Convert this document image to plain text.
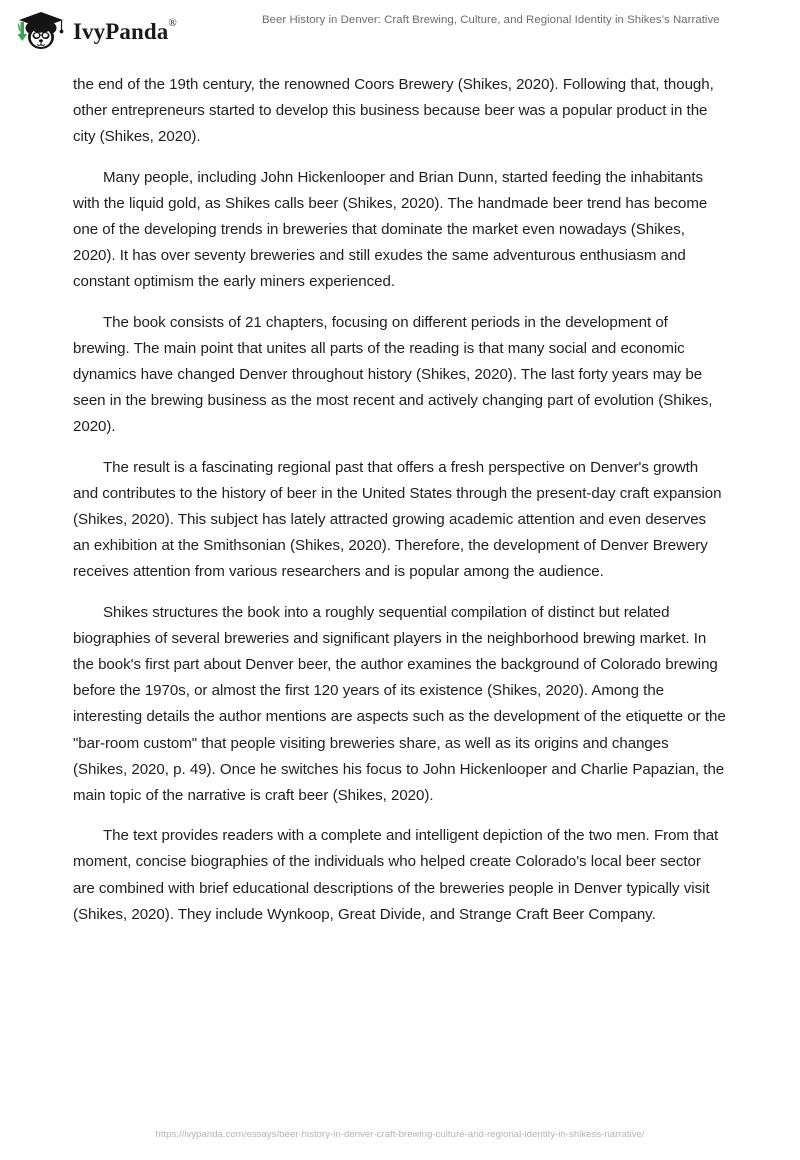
IvyPanda®	Beer History in Denver: Craft Brewing, Culture, and Regional Identity in Shikes’s Narrative

the end of the 19th century, the renowned Coors Brewery (Shikes, 2020). Following that, though, other entrepreneurs started to develop this business because beer was a popular product in the city (Shikes, 2020).

Many people, including John Hickenlooper and Brian Dunn, started feeding the inhabitants with the liquid gold, as Shikes calls beer (Shikes, 2020). The handmade beer trend has become one of the developing trends in breweries that dominate the market even nowadays (Shikes, 2020). It has over seventy breweries and still exudes the same adventurous enthusiasm and constant optimism the early miners experienced.

The book consists of 21 chapters, focusing on different periods in the development of brewing. The main point that unites all parts of the reading is that many social and economic dynamics have changed Denver throughout history (Shikes, 2020). The last forty years may be seen in the brewing business as the most recent and actively changing part of evolution (Shikes, 2020).

The result is a fascinating regional past that offers a fresh perspective on Denver's growth and contributes to the history of beer in the United States through the present-day craft expansion (Shikes, 2020). This subject has lately attracted growing academic attention and even deserves an exhibition at the Smithsonian (Shikes, 2020). Therefore, the development of Denver Brewery receives attention from various researchers and is popular among the audience.

Shikes structures the book into a roughly sequential compilation of distinct but related biographies of several breweries and significant players in the neighborhood brewing market. In the book's first part about Denver beer, the author examines the background of Colorado brewing before the 1970s, or almost the first 120 years of its existence (Shikes, 2020). Among the interesting details the author mentions are aspects such as the development of the etiquette or the "bar-room custom" that people visiting breweries share, as well as its origins and changes (Shikes, 2020, p. 49). Once he switches his focus to John Hickenlooper and Charlie Papazian, the main topic of the narrative is craft beer (Shikes, 2020).

The text provides readers with a complete and intelligent depiction of the two men. From that moment, concise biographies of the individuals who helped create Colorado's local beer sector are combined with brief educational descriptions of the breweries people in Denver typically visit (Shikes, 2020). They include Wynkoop, Great Divide, and Strange Craft Beer Company.

https://ivypanda.com/essays/beer-history-in-denver-craft-brewing-culture-and-regional-identity-in-shikess-narrative/
